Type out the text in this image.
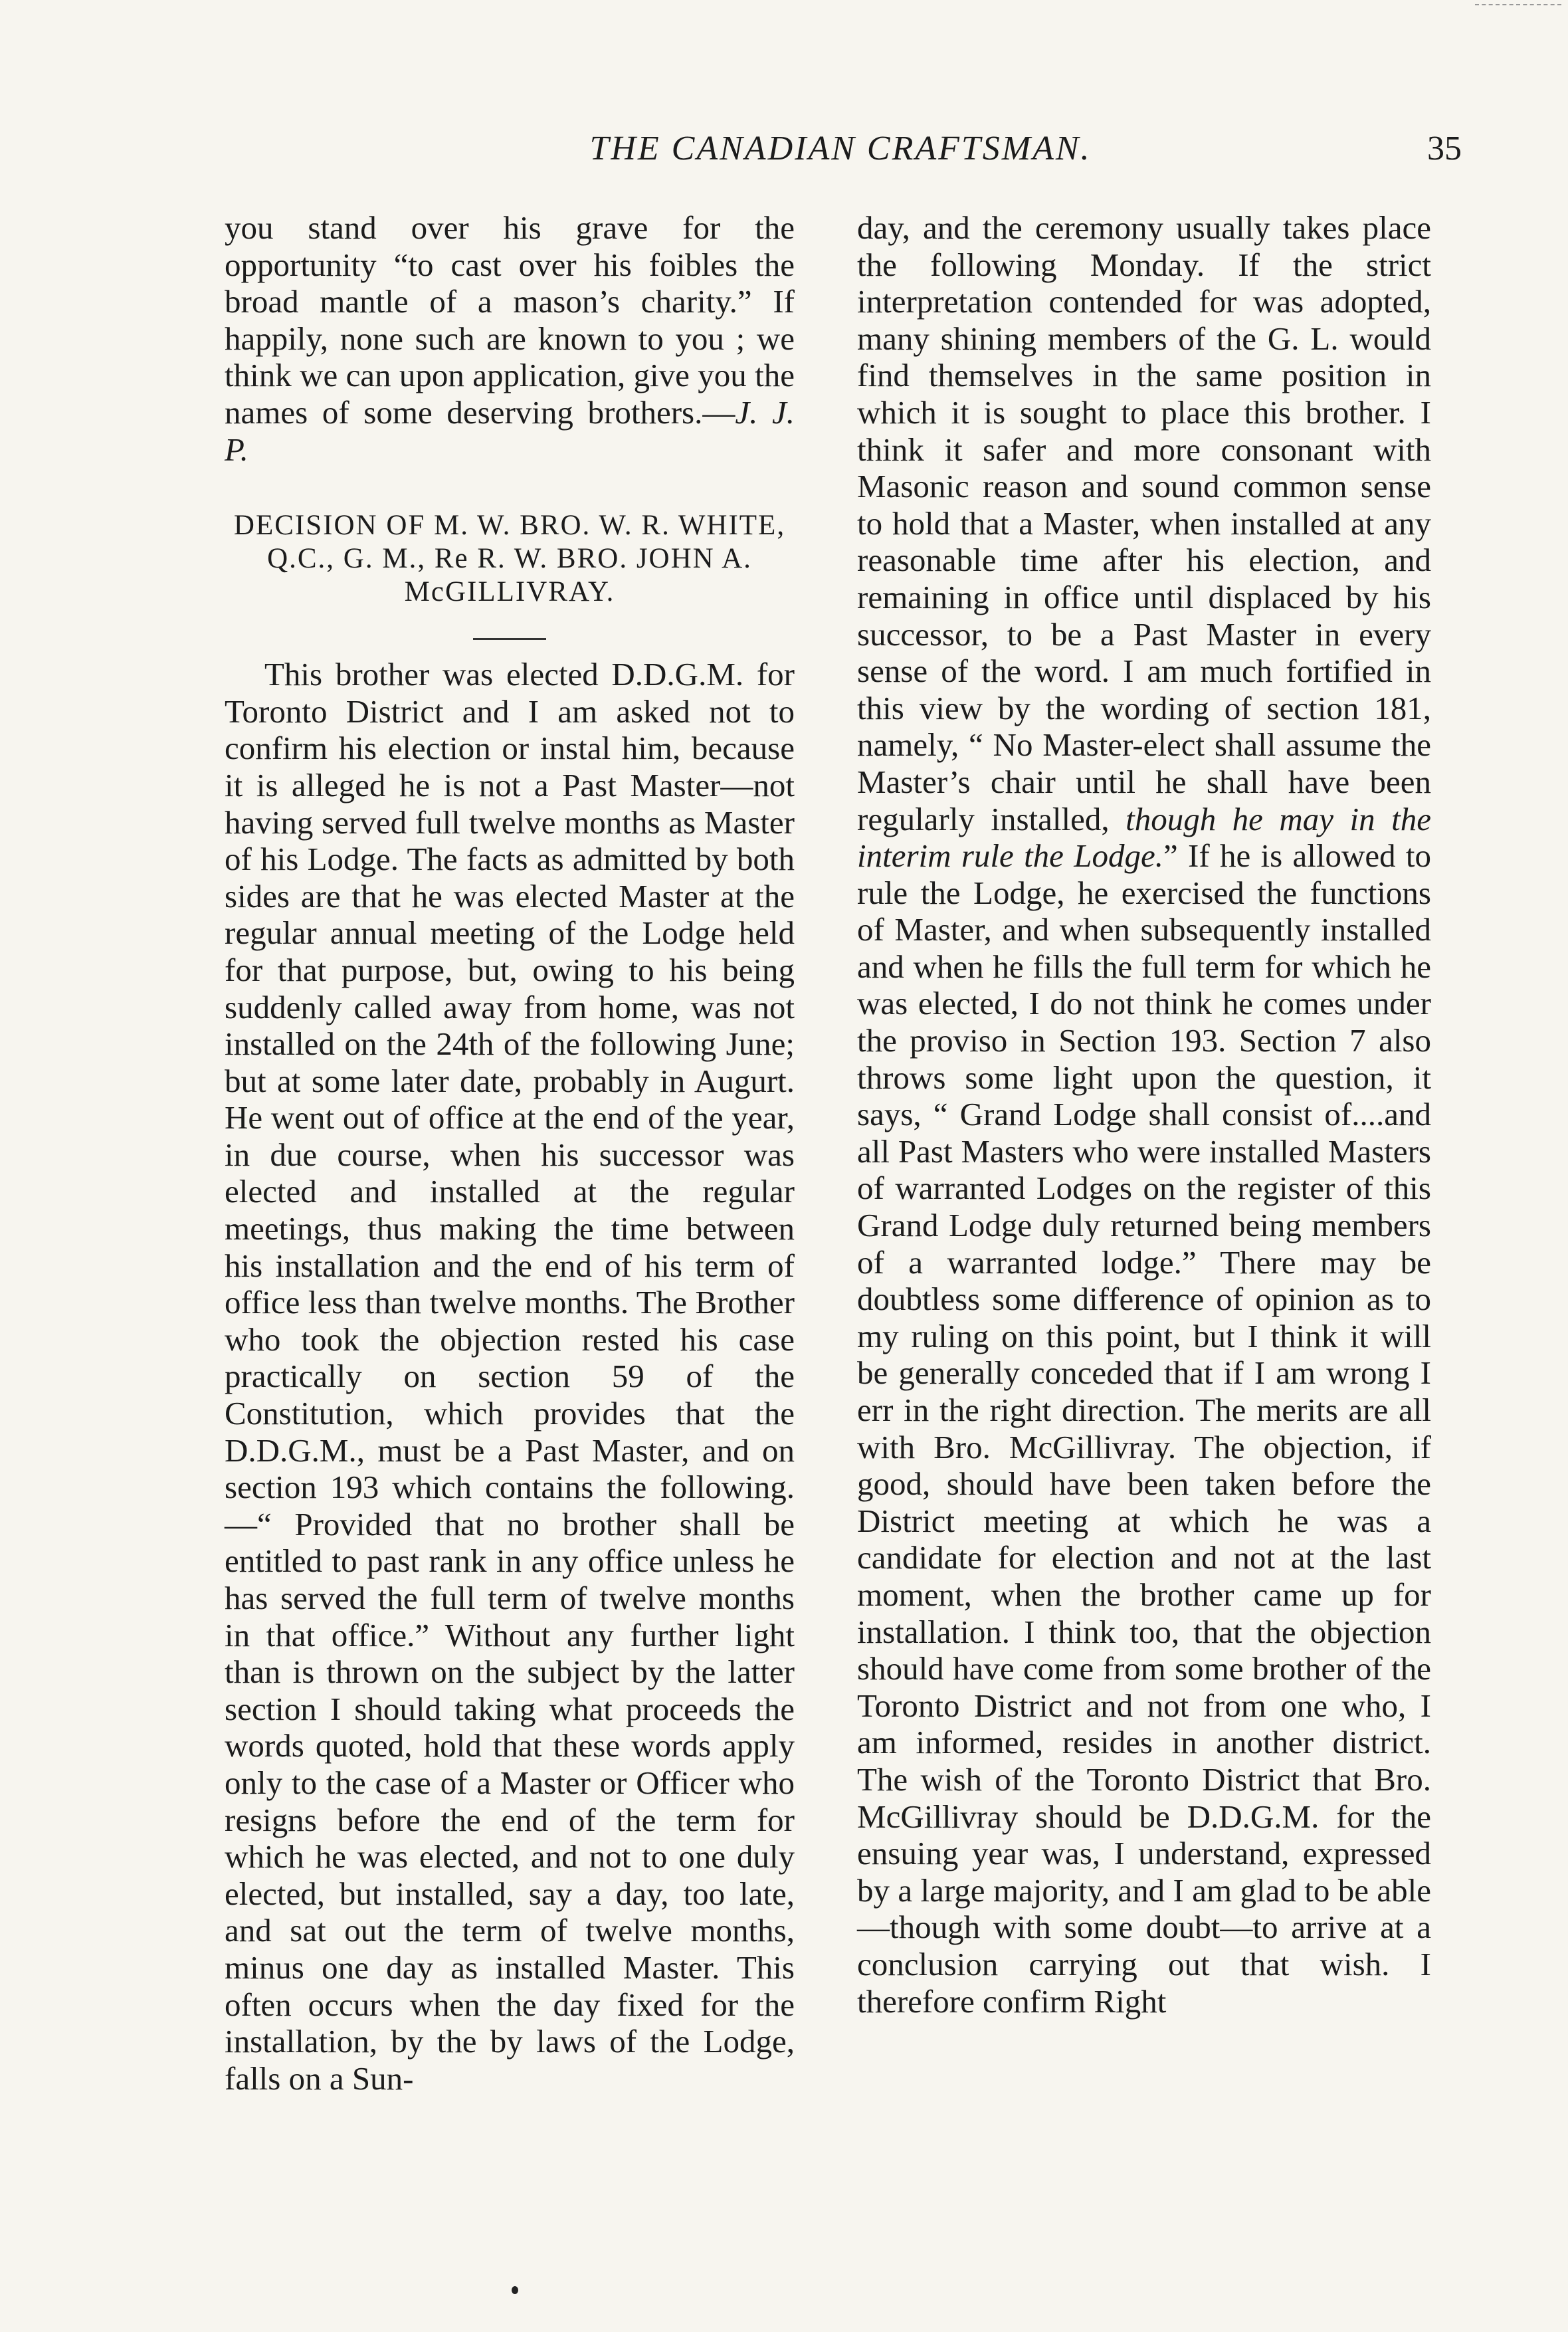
THE CANADIAN CRAFTSMAN.	35

you stand over his grave for the opportunity “to cast over his foibles the broad mantle of a mason’s charity.” If happily, none such are known to you ; we think we can upon application, give you the names of some deserving brothers.—J. J. P.

DECISION OF M. W. BRO. W. R. WHITE, Q.C., G. M., Re R. W. BRO. JOHN A. McGILLIVRAY.

This brother was elected D.D.G.M. for Toronto District and I am asked not to confirm his election or instal him, because it is alleged he is not a Past Master—not having served full twelve months as Master of his Lodge. The facts as admitted by both sides are that he was elected Master at the regular annual meeting of the Lodge held for that purpose, but, owing to his being suddenly called away from home, was not installed on the 24th of the following June; but at some later date, probably in Augurt. He went out of office at the end of the year, in due course, when his successor was elected and installed at the regular meetings, thus making the time between his installation and the end of his term of office less than twelve months. The Brother who took the objection rested his case practically on section 59 of the Constitution, which provides that the D.D.G.M., must be a Past Master, and on section 193 which contains the following.—“ Provided that no brother shall be entitled to past rank in any office unless he has served the full term of twelve months in that office.” Without any further light than is thrown on the subject by the latter section I should taking what proceeds the words quoted, hold that these words apply only to the case of a Master or Officer who resigns before the end of the term for which he was elected, and not to one duly elected, but installed, say a day, too late, and sat out the term of twelve months, minus one day as installed Master. This often occurs when the day fixed for the installation, by the by laws of the Lodge, falls on a Sun-

day, and the ceremony usually takes place the following Monday. If the strict interpretation contended for was adopted, many shining members of the G. L. would find themselves in the same position in which it is sought to place this brother. I think it safer and more consonant with Masonic reason and sound common sense to hold that a Master, when installed at any reasonable time after his election, and remaining in office until displaced by his successor, to be a Past Master in every sense of the word. I am much fortified in this view by the wording of section 181, namely, “ No Master-elect shall assume the Master’s chair until he shall have been regularly installed, though he may in the interim rule the Lodge.” If he is allowed to rule the Lodge, he exercised the functions of Master, and when subsequently installed and when he fills the full term for which he was elected, I do not think he comes under the proviso in Section 193. Section 7 also throws some light upon the question, it says, “ Grand Lodge shall consist of....and all Past Masters who were installed Masters of warranted Lodges on the register of this Grand Lodge duly returned being members of a warranted lodge.” There may be doubtless some difference of opinion as to my ruling on this point, but I think it will be generally conceded that if I am wrong I err in the right direction. The merits are all with Bro. McGillivray. The objection, if good, should have been taken before the District meeting at which he was a candidate for election and not at the last moment, when the brother came up for installation. I think too, that the objection should have come from some brother of the Toronto District and not from one who, I am informed, resides in another district. The wish of the Toronto District that Bro. McGillivray should be D.D.G.M. for the ensuing year was, I understand, expressed by a large majority, and I am glad to be able—though with some doubt—to arrive at a conclusion carrying out that wish. I therefore confirm Right
